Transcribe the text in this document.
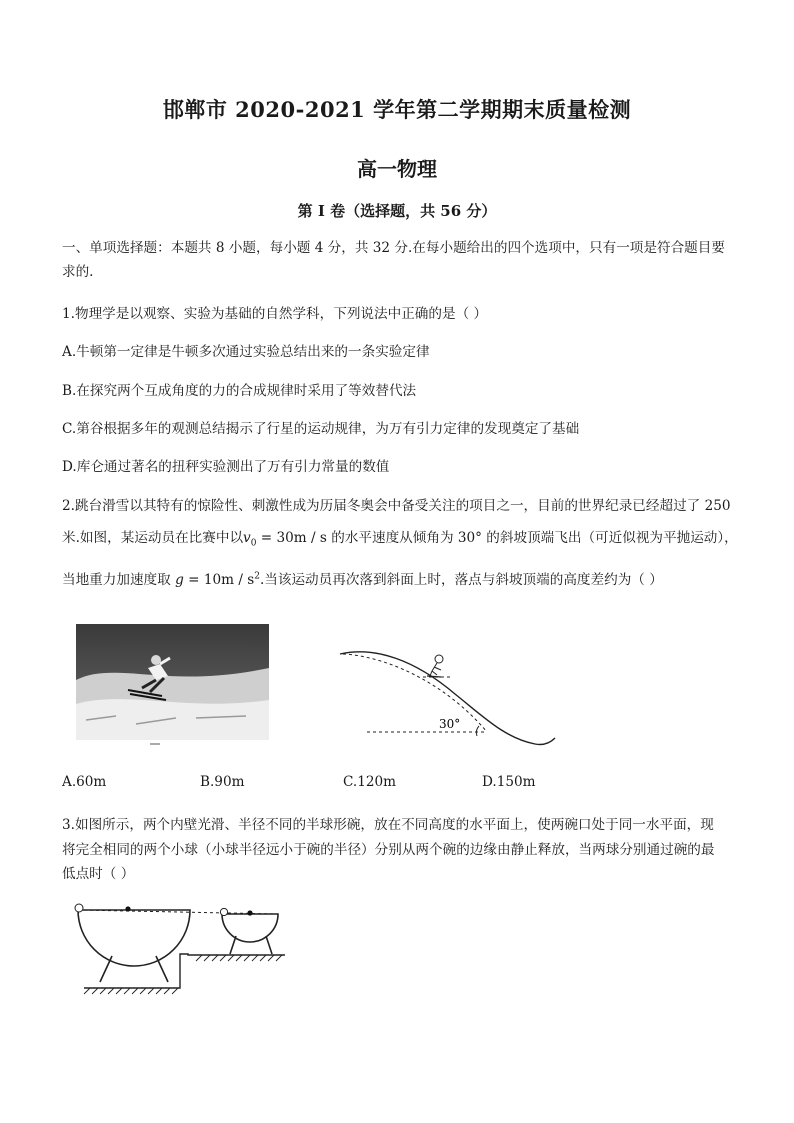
邯郸市 2020-2021 学年第二学期期末质量检测
高一物理
第 I 卷（选择题，共 56 分）
一、单项选择题：本题共 8 小题，每小题 4 分，共 32 分.在每小题给出的四个选项中，只有一项是符合题目要求的.
1.物理学是以观察、实验为基础的自然学科，下列说法中正确的是（ ）
A.牛顿第一定律是牛顿多次通过实验总结出来的一条实验定律
B.在探究两个互成角度的力的合成规律时采用了等效替代法
C.第谷根据多年的观测总结揭示了行星的运动规律，为万有引力定律的发现奠定了基础
D.库仑通过著名的扭秤实验测出了万有引力常量的数值
2.跳台滑雪以其特有的惊险性、刺激性成为历届冬奥会中备受关注的项目之一，目前的世界纪录已经超过了 250
米.如图，某运动员在比赛中以$v_0 = 30m / s$ 的水平速度从倾角为 30° 的斜坡顶端飞出（可近似视为平抛运动），
当地重力加速度取 $g = 10m / s^2$.当该运动员再次落到斜面上时，落点与斜坡顶端的高度差约为（ ）
30°
A.60m	B.90m	C.120m	D.150m
3.如图所示，两个内壁光滑、半径不同的半球形碗，放在不同高度的水平面上，使两碗口处于同一水平面，现
将完全相同的两个小球（小球半径远小于碗的半径）分别从两个碗的边缘由静止释放，当两球分别通过碗的最
低点时（ ）
